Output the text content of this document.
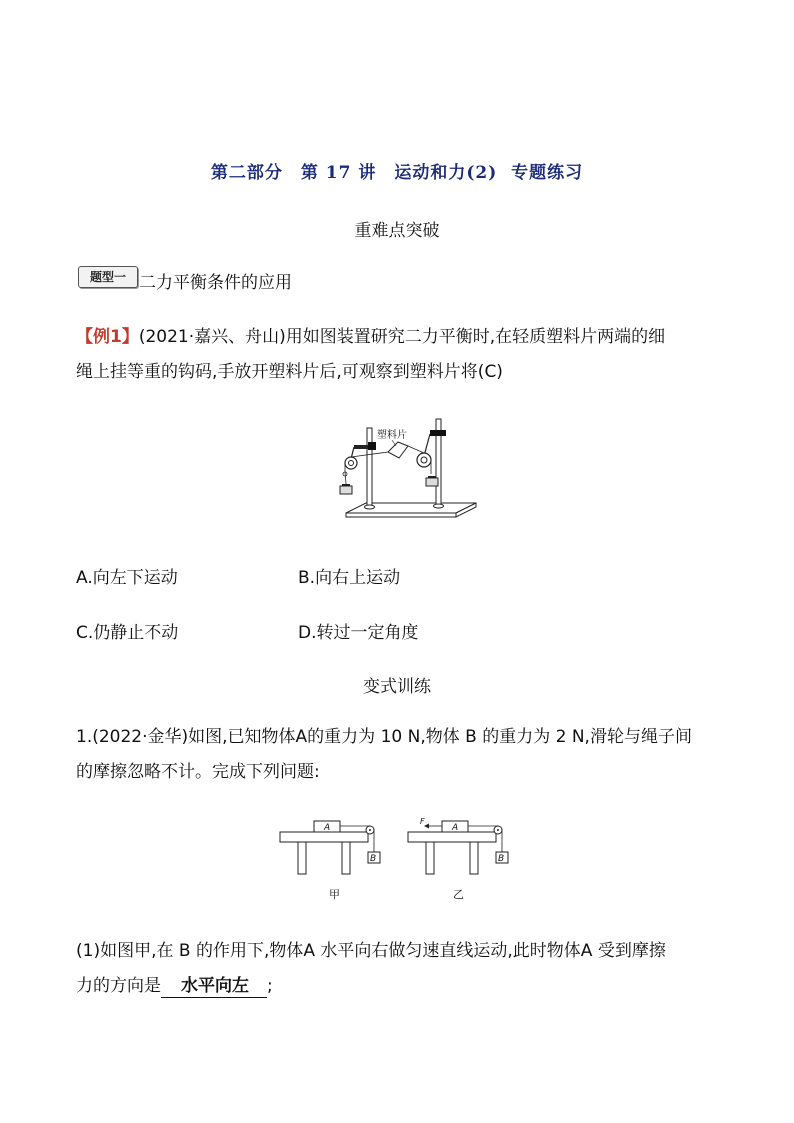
第二部分　第 17 讲　运动和力(2)  专题练习
重难点突破
题型一 二力平衡条件的应用
【例1】(2021·嘉兴、舟山)用如图装置研究二力平衡时,在轻质塑料片两端的细
绳上挂等重的钩码,手放开塑料片后,可观察到塑料片将(C)
塑料片
A.向左下运动	B.向右上运动
C.仍静止不动	D.转过一定角度
变式训练
1.(2022·金华)如图,已知物体A的重力为 10 N,物体 B 的重力为 2 N,滑轮与绳子间
的摩擦忽略不计。完成下列问题:
A
B
甲
A
F
B
乙
(1)如图甲,在 B 的作用下,物体A 水平向右做匀速直线运动,此时物体A 受到摩擦
力的方向是 水平向左 ;
